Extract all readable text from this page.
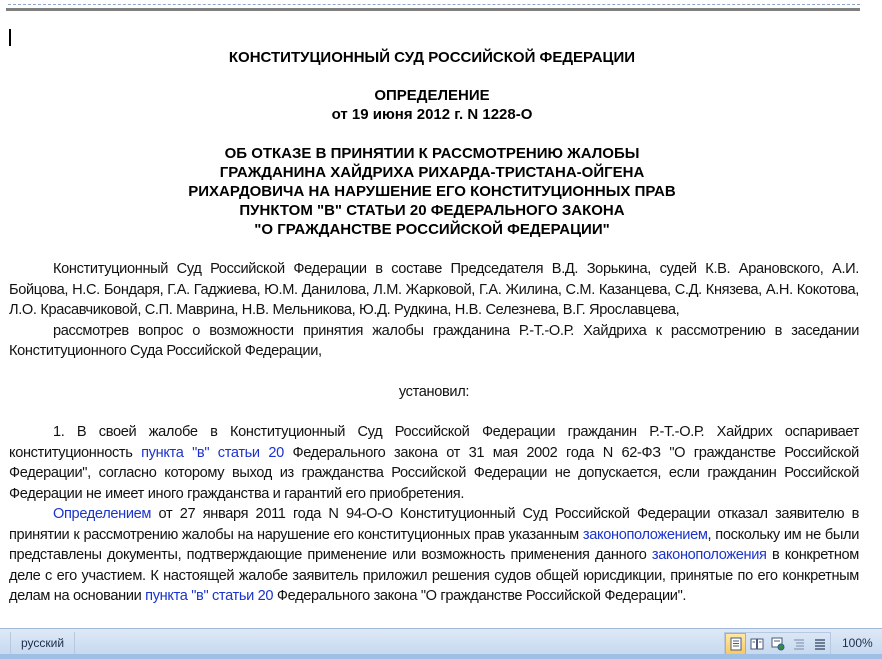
КОНСТИТУЦИОННЫЙ СУД РОССИЙСКОЙ ФЕДЕРАЦИИ
ОПРЕДЕЛЕНИЕ
от 19 июня 2012 г. N 1228-О
ОБ ОТКАЗЕ В ПРИНЯТИИ К РАССМОТРЕНИЮ ЖАЛОБЫ
ГРАЖДАНИНА ХАЙДРИХА РИХАРДА-ТРИСТАНА-ОЙГЕНА
РИХАРДОВИЧА НА НАРУШЕНИЕ ЕГО КОНСТИТУЦИОННЫХ ПРАВ
ПУНКТОМ "В" СТАТЬИ 20 ФЕДЕРАЛЬНОГО ЗАКОНА
"О ГРАЖДАНСТВЕ РОССИЙСКОЙ ФЕДЕРАЦИИ"

Конституционный Суд Российской Федерации в составе Председателя В.Д. Зорькина, судей К.В. Арановского, А.И. Бойцова, Н.С. Бондаря, Г.А. Гаджиева, Ю.М. Данилова, Л.М. Жарковой, Г.А. Жилина, С.М. Казанцева, С.Д. Князева, А.Н. Кокотова, Л.О. Красавчиковой, С.П. Маврина, Н.В. Мельникова, Ю.Д. Рудкина, Н.В. Селезнева, В.Г. Ярославцева,

рассмотрев вопрос о возможности принятия жалобы гражданина Р.-Т.-О.Р. Хайдриха к рассмотрению в заседании Конституционного Суда Российской Федерации,

установил:

1. В своей жалобе в Конституционный Суд Российской Федерации гражданин Р.-Т.-О.Р. Хайдрих оспаривает конституционность пункта "в" статьи 20 Федерального закона от 31 мая 2002 года N 62-ФЗ "О гражданстве Российской Федерации", согласно которому выход из гражданства Российской Федерации не допускается, если гражданин Российской Федерации не имеет иного гражданства и гарантий его приобретения.

Определением от 27 января 2011 года N 94-О-О Конституционный Суд Российской Федерации отказал заявителю в принятии к рассмотрению жалобы на нарушение его конституционных прав указанным законоположением, поскольку им не были представлены документы, подтверждающие применение или возможность применения данного законоположения в конкретном деле с его участием. К настоящей жалобе заявитель приложил решения судов общей юрисдикции, принятые по его конкретным делам на основании пункта "в" статьи 20 Федерального закона "О гражданстве Российской Федерации".

русский	100%
